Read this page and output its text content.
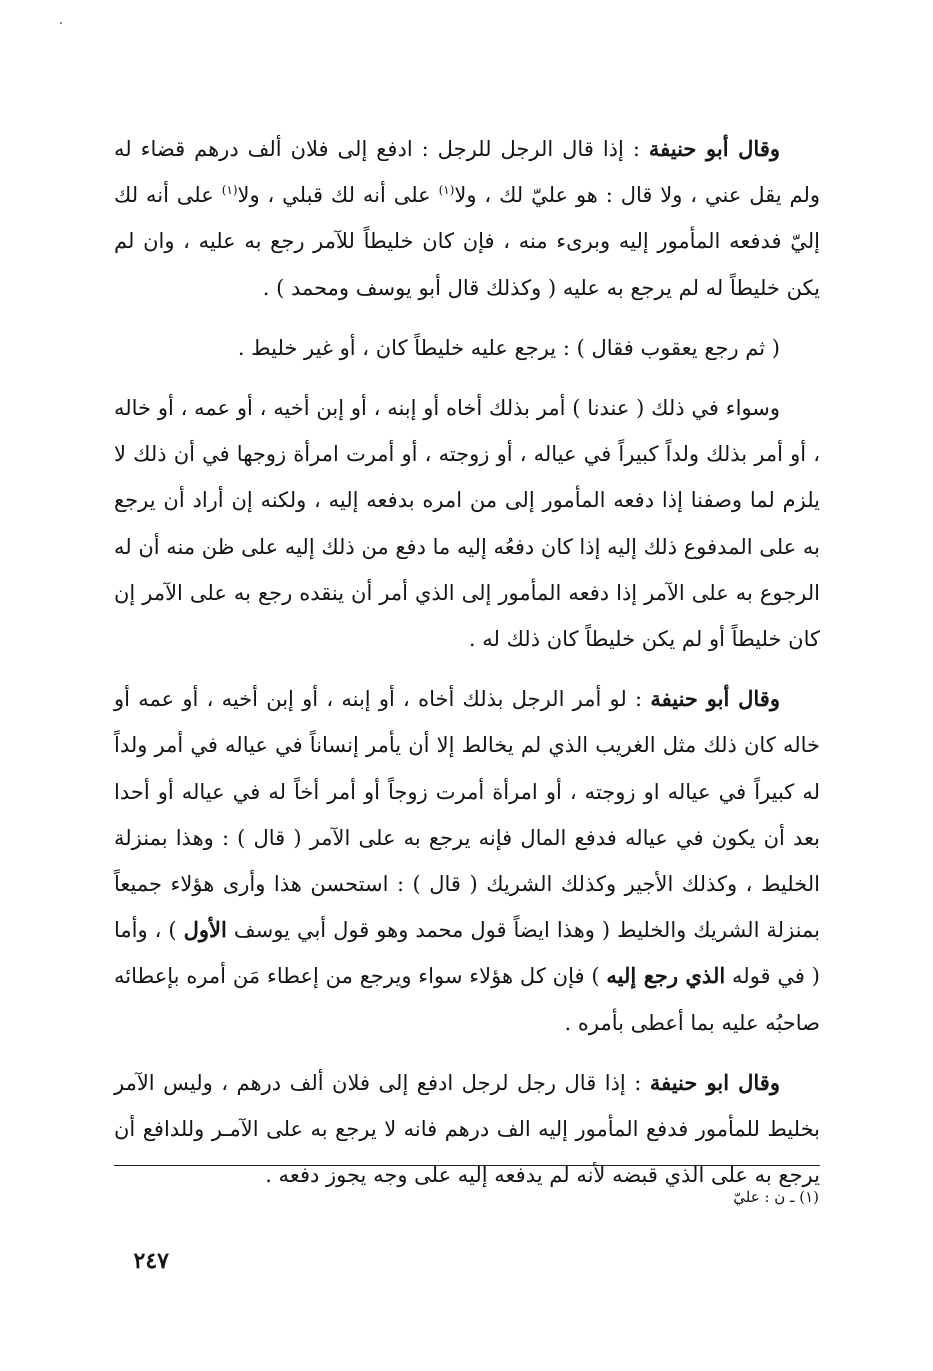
وقال أبو حنيفة : إذا قال الرجل للرجل : ادفع إلى فلان ألف درهم قضاء له ولم يقل عني ، ولا قال : هو عليّ لك ، ولا$^{(١)}$ على أنه لك قبلي ، ولا$^{(١)}$ على أنه لك إليّ فدفعه المأمور إليه وبرىء منه ، فإن كان خليطاً للآمر رجع به عليه ، وان لم يكن خليطاً له لم يرجع به عليه ( وكذلك قال أبو يوسف ومحمد ) .

( ثم رجع يعقوب فقال ) : يرجع عليه خليطاً كان ، أو غير خليط .

وسواء في ذلك ( عندنا ) أمر بذلك أخاه أو إبنه ، أو إبن أخيه ، أو عمه ، أو خاله ، أو أمر بذلك ولداً كبيراً في عياله ، أو زوجته ، أو أمرت امرأة زوجها في أن ذلك لا يلزم لما وصفنا إذا دفعه المأمور إلى من امره بدفعه إليه ، ولكنه إن أراد أن يرجع به على المدفوع ذلك إليه إذا كان دفعُه إليه ما دفع من ذلك إليه على ظن منه أن له الرجوع به على الآمر إذا دفعه المأمور إلى الذي أمر أن ينقده رجع به على الآمر إن كان خليطاً أو لم يكن خليطاً كان ذلك له .

وقال أبو حنيفة : لو أمر الرجل بذلك أخاه ، أو إبنه ، أو إبن أخيه ، أو عمه أو خاله كان ذلك مثل الغريب الذي لم يخالط إلا أن يأمر إنساناً في عياله في أمر ولداً له كبيراً في عياله او زوجته ، أو امرأة أمرت زوجاً أو أمر أخاً له في عياله أو أحدا بعد أن يكون في عياله فدفع المال فإنه يرجع به على الآمر ( قال ) : وهذا بمنزلة الخليط ، وكذلك الأجير وكذلك الشريك ( قال ) : استحسن هذا وأرى هؤلاء جميعاً بمنزلة الشريك والخليط ( وهذا ايضاً قول محمد وهو قول أبي يوسف الأول ) ، وأما ( في قوله الذي رجع إليه ) فإن كل هؤلاء سواء ويرجع من إعطاء مَن أمره بإعطائه صاحبُه عليه بما أعطى بأمره .

وقال ابو حنيفة : إذا قال رجل لرجل ادفع إلى فلان ألف درهم ، وليس الآمر بخليط للمأمور فدفع المأمور إليه الف درهم فانه لا يرجع به على الآمـر وللدافع أن يرجع به على الذي قبضه لأنه لم يدفعه إليه على وجه يجوز دفعه .

(١) ـ ن : عليّ
٢٤٧
